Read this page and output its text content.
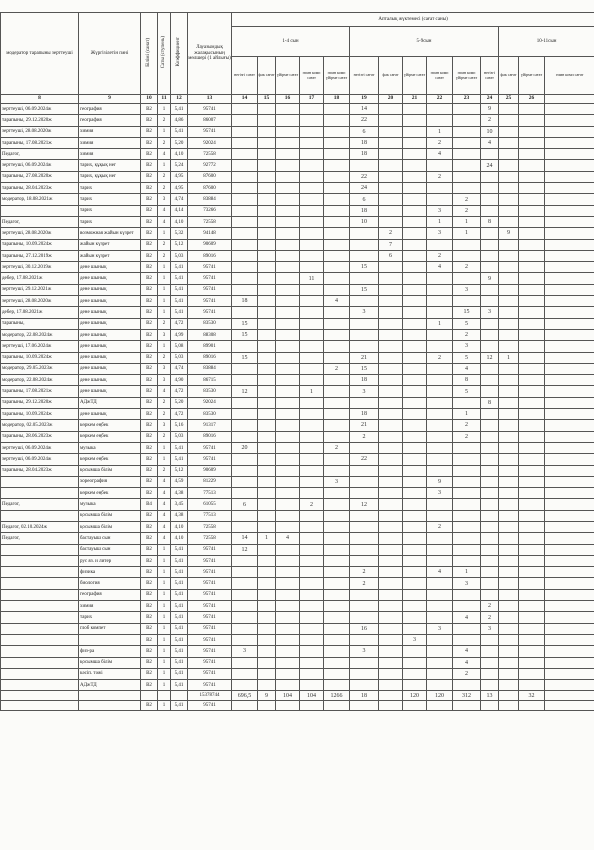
модератор тарапыны зерттеушi	Жүргiзiлетiн пәнi	Білімі (санат)	Саты (ступень)	Коэффициент	Лауазымдық жалақысының мөлшерi (1 айлығы)	Апталық жүктемесi (сағат саны)													
						1-4 сын					5-9сын						10-11сын		
						негiзгi сағат	фак сағат	үйірме сағат	гимн комп сағат	гимн комп үйірме сағат	негiзгi сағат	фак сағат	үйірме сағат	гимн комп сағат	гимн комп үйірме сағат	негiзгi сағат	фак сағат	үйірме сағат	гимн комп сағат
8	9	10	11	12	13	14	15	16	17	18	19	20	21	22	23	24	25	26	
зерттеуші, 06.09.2024ж	география	В2	1	5,41	95741						14					9			
тарапыны, 29.12.2020ж	география	В2	2	4,86	86007						22					2			
зерттеуші, 28.08.2020ж	химия	В2	1	5,41	95741						6			1		10			
тарапыны, 17.08.2021ж	химия	В2	2	5,20	92024						18			2		4			
Педагог,	химия	В2	4	4,10	72558						18			4					
зерттеуші, 06.09.2024ж	тарих, құқық нег	В2	1	5,24	92772											24			
тарапыны, 27.08.2020ж	тарих, құқық нег	В2	2	4,95	87600						22			2					
тарапыны, 28.04.2023ж	тарих	В2	2	4,95	87600						24								
модератор, 18.08.2021ж	тарих	В2	3	4,74	83884						6				2				
	тарих	В2	4	4,14	73266						18			3	2				
Педагог,	тарих	В2	4	4,10	72558						10			1	1	8			
зерттеуші, 28.08.2020ж	возможная жайын күзрет	В2	1	5,32	94148							2		3	1		9		
тарапыны, 10.09.2024ж	жайын күзрет	В2	2	5,12	90609							7							
тарапыны, 27.12.2019ж	жайын күзрет	В2	2	5,03	89016							6		2					
зерттеуші, 30.12.2019ж	дене шынық	В2	1	5,41	95741						15			4	2				
дебер, 17.08.2021ж	дене шынық	В2	1	5,41	95741				11							9			
зерттеуші, 29.12.2021ж	дене шынық	В2	1	5,41	95741						15				3				
зерттеуші, 28.08.2020ж	дене шынық	В2	1	5,41	95741	18				4									
дебер, 17.08.2021ж	дене шынық	В2	1	5,41	95741						3				15	3			
тарапыны,	дене шынық	В2	2	4,72	83530	15								1	5				
модератор, 22.08.2024ж	дене шынық	В2	3	4,99	88308	15									2				
зерттеуші, 17.06.2024ж	дене шынық	В2	1	5,08	89901										3				
тарапыны, 10.09.2024ж	дене шынық	В2	2	5,03	89016	15					21			2	5	12	1		
модератор, 29.05.2023ж	дене шынық	В2	3	4,74	83884					2	15				4				
модератор, 22.08.2024ж	дене шынық	В2	3	4,90	86715						18				8				
тарапыны, 17.08.2021ж	дене шынық	В2	4	4,72	83530	12			1		3				5				
тарапыны, 29.12.2020ж	АДжТД	В2	2	5,20	92024											8			
тарапыны, 10.09.2024ж	дене шынық	В2	2	4,72	83530						18				1				
модератор, 02.05.2023ж	көркем еңбек	В2	3	5,16	91317						21				2				
тарапыны, 28.06.2023ж	көркем еңбек	В2	2	5,03	89016						2				2				
зерттеуші, 06.09.2024ж	музыка	В2	1	5,41	95741	20				2									
зерттеуші, 06.09.2024ж	көркем еңбек	В2	1	5,41	95741						22								
тарапыны, 28.04.2023ж	қосымша білім	В2	2	5,12	90609														
	хореография	В2	4	4,59	81229					3				9					
	көркем еңбек	В2	4	4,38	77513									3					
Педагог,	музыка	В4	4	3,45	61055	6			2		12								
	қосымша білім	В2	4	4,38	77513														
Педагог, 02.10.2024ж	қосымша білім	В2	4	4,10	72558									2					
Педагог,	бастауыш сын	В2	4	4,10	72558	14	1	4											
	бастауыш сын	В2	1	5,41	95741	12													
	рус яз. и литер	В2	1	5,41	95741														
	физика	В2	1	5,41	95741						2			4	1				
	биология	В2	1	5,41	95741						2				3				
	география	В2	1	5,41	95741														
	химия	В2	1	5,41	95741											2			
	тарих	В2	1	5,41	95741										4	2			
	глоб компет	В2	1	5,41	95741						16			3		3			
		В2	1	5,41	95741								3						
	физ-ра	В2	1	5,41	95741	3					3				4				
	қосымша білім	В2	1	5,41	95741										4				
	кәсіп. тәжі	В2	1	5,41	95741										2				
	АДжТД	В2	1	5,41	95741														
					15378744	696,5	9	104	104	1266	18		120	120	312	13		32	
		В2	1	5,41	95741														
